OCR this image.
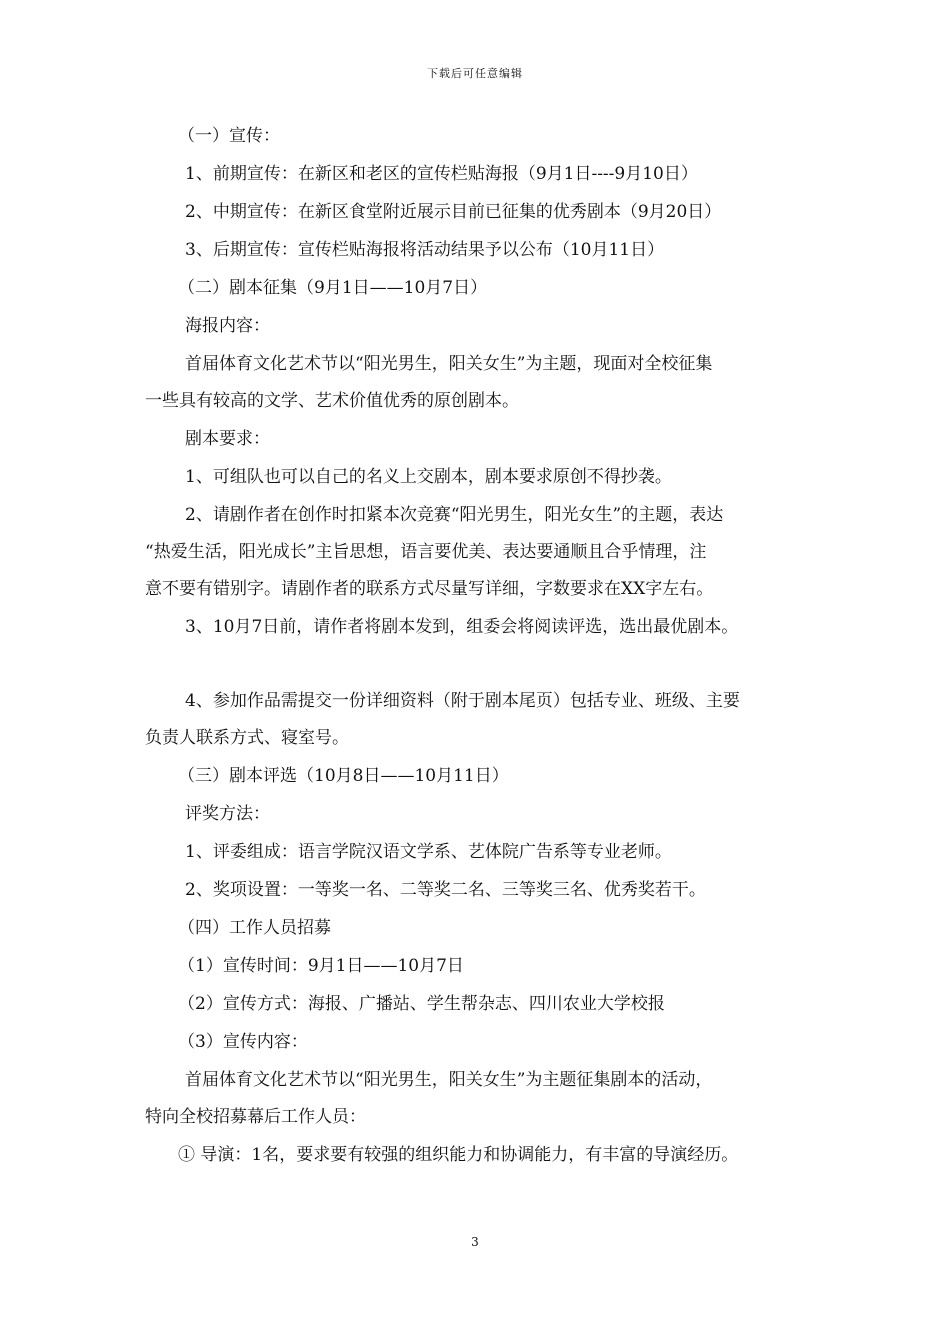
下载后可任意编辑

（一）宣传：

1、前期宣传：在新区和老区的宣传栏贴海报（9月1日----9月10日）

2、中期宣传：在新区食堂附近展示目前已征集的优秀剧本（9月20日）

3、后期宣传：宣传栏贴海报将活动结果予以公布（10月11日）

（二）剧本征集（9月1日——10月7日）

海报内容：

首届体育文化艺术节以“阳光男生，阳关女生”为主题，现面对全校征集

一些具有较高的文学、艺术价值优秀的原创剧本。

剧本要求：

1、可组队也可以自己的名义上交剧本，剧本要求原创不得抄袭。

2、请剧作者在创作时扣紧本次竞赛“阳光男生，阳光女生”的主题，表达

“热爱生活，阳光成长”主旨思想，语言要优美、表达要通顺且合乎情理，注

意不要有错别字。请剧作者的联系方式尽量写详细，字数要求在XX字左右。

3、10月7日前，请作者将剧本发到，组委会将阅读评选，选出最优剧本。

4、参加作品需提交一份详细资料（附于剧本尾页）包括专业、班级、主要

负责人联系方式、寝室号。

（三）剧本评选（10月8日——10月11日）

评奖方法：

1、评委组成：语言学院汉语文学系、艺体院广告系等专业老师。

2、奖项设置：一等奖一名、二等奖二名、三等奖三名、优秀奖若干。

（四）工作人员招募

（1）宣传时间：9月1日——10月7日

（2）宣传方式：海报、广播站、学生帮杂志、四川农业大学校报

（3）宣传内容：

首届体育文化艺术节以“阳光男生，阳关女生”为主题征集剧本的活动，

特向全校招募幕后工作人员：

① 导演：1名，要求要有较强的组织能力和协调能力，有丰富的导演经历。

3
